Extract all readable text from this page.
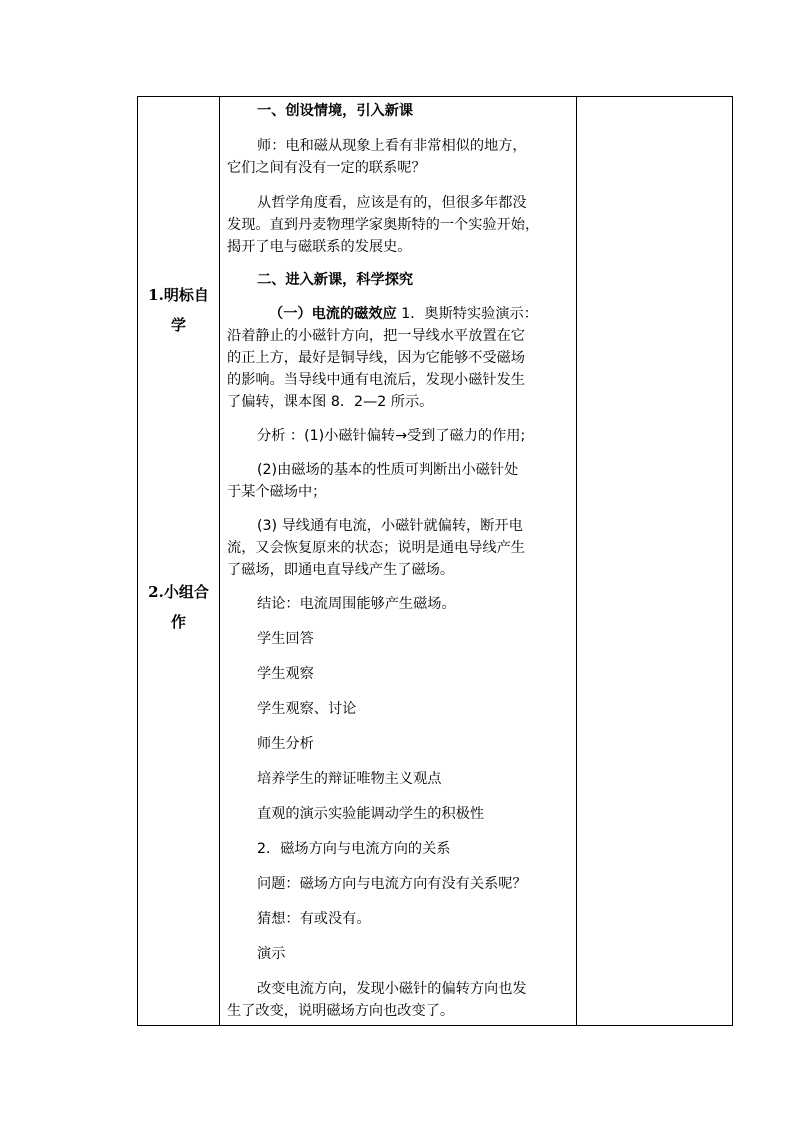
1.明标自
学
2.小组合
作

一、创设情境，引入新课

师：电和磁从现象上看有非常相似的地方，
它们之间有没有一定的联系呢？

从哲学角度看，应该是有的，但很多年都没
发现。直到丹麦物理学家奥斯特的一个实验开始，
揭开了电与磁联系的发展史。

二、进入新课，科学探究

（一）电流的磁效应 1．奥斯特实验演示：
沿着静止的小磁针方向，把一导线水平放置在它
的正上方，最好是铜导线，因为它能够不受磁场
的影响。当导线中通有电流后，发现小磁针发生
了偏转，课本图 8．2—2 所示。

分析 ：(1)小磁针偏转→受到了磁力的作用;

(2)由磁场的基本的性质可判断出小磁针处
于某个磁场中；

(3) 导线通有电流，小磁针就偏转，断开电
流，又会恢复原来的状态；说明是通电导线产生
了磁场，即通电直导线产生了磁场。

结论：电流周围能够产生磁场。

学生回答

学生观察

学生观察、讨论

师生分析

培养学生的辩证唯物主义观点

直观的演示实验能调动学生的积极性

2．磁场方向与电流方向的关系

问题：磁场方向与电流方向有没有关系呢？

猜想：有或没有。

演示

改变电流方向，发现小磁针的偏转方向也发
生了改变，说明磁场方向也改变了。
